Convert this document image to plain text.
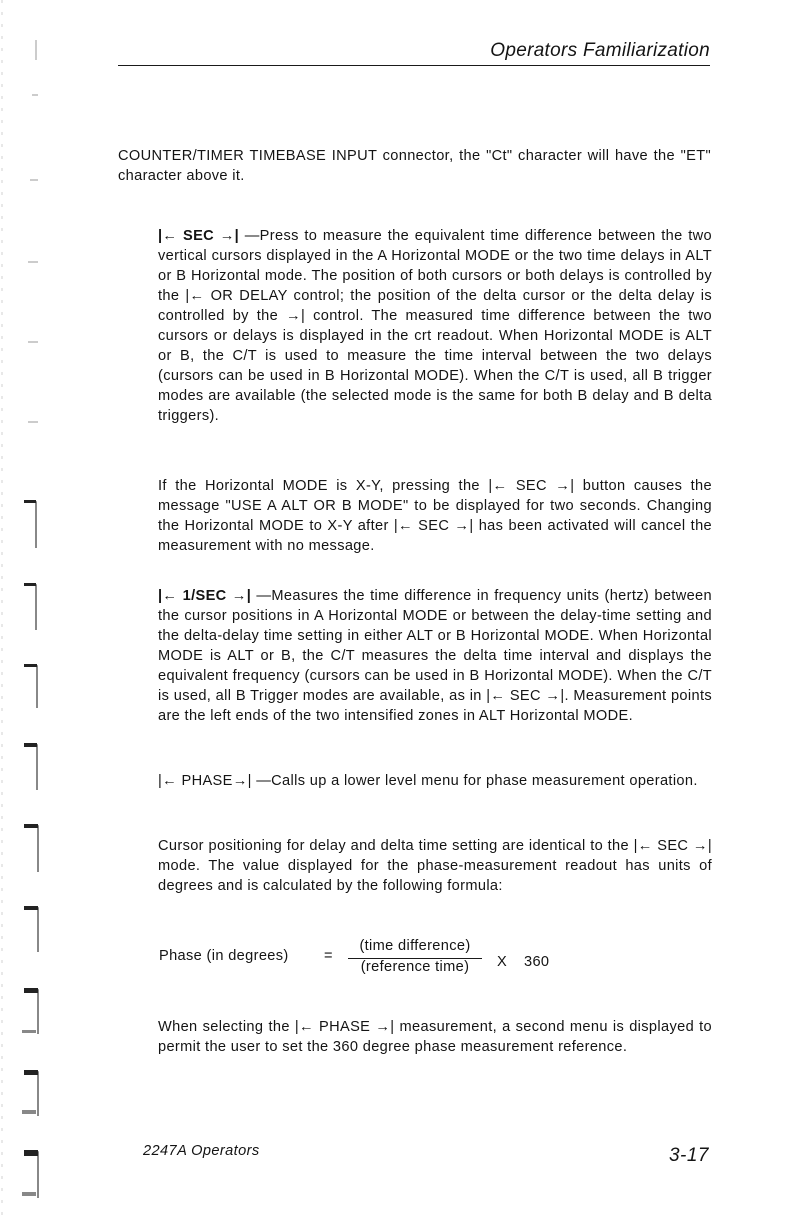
Operators Familiarization

COUNTER/TIMER TIMEBASE INPUT connector, the "Ct" character will have the "ET" character above it.

|← SEC →| —Press to measure the equivalent time difference between the two vertical cursors displayed in the A Horizontal MODE or the two time delays in ALT or B Horizontal mode. The position of both cursors or both delays is controlled by the |← OR DELAY control; the position of the delta cursor or the delta delay is controlled by the →| control. The measured time difference between the two cursors or delays is displayed in the crt readout. When Horizontal MODE is ALT or B, the C/T is used to measure the time interval between the two delays (cursors can be used in B Horizontal MODE). When the C/T is used, all B trigger modes are available (the selected mode is the same for both B delay and B delta triggers).

If the Horizontal MODE is X-Y, pressing the |← SEC →| button causes the message "USE A ALT OR B MODE" to be displayed for two seconds. Changing the Horizontal MODE to X-Y after |← SEC →| has been activated will cancel the measurement with no message.

|← 1/SEC →| —Measures the time difference in frequency units (hertz) between the cursor positions in A Horizontal MODE or between the delay-time setting and the delta-delay time setting in either ALT or B Horizontal MODE. When Horizontal MODE is ALT or B, the C/T measures the delta time interval and displays the equivalent frequency (cursors can be used in B Horizontal MODE). When the C/T is used, all B Trigger modes are available, as in |← SEC →|. Measurement points are the left ends of the two intensified zones in ALT Horizontal MODE.

|← PHASE→| —Calls up a lower level menu for phase measurement operation.

Cursor positioning for delay and delta time setting are identical to the |← SEC →| mode. The value displayed for the phase-measurement readout has units of degrees and is calculated by the following formula:

Phase (in degrees) =
(time difference)
(reference time)	X 360

When selecting the |← PHASE →| measurement, a second menu is displayed to permit the user to set the 360 degree phase measurement reference.

2247A Operators	3-17
